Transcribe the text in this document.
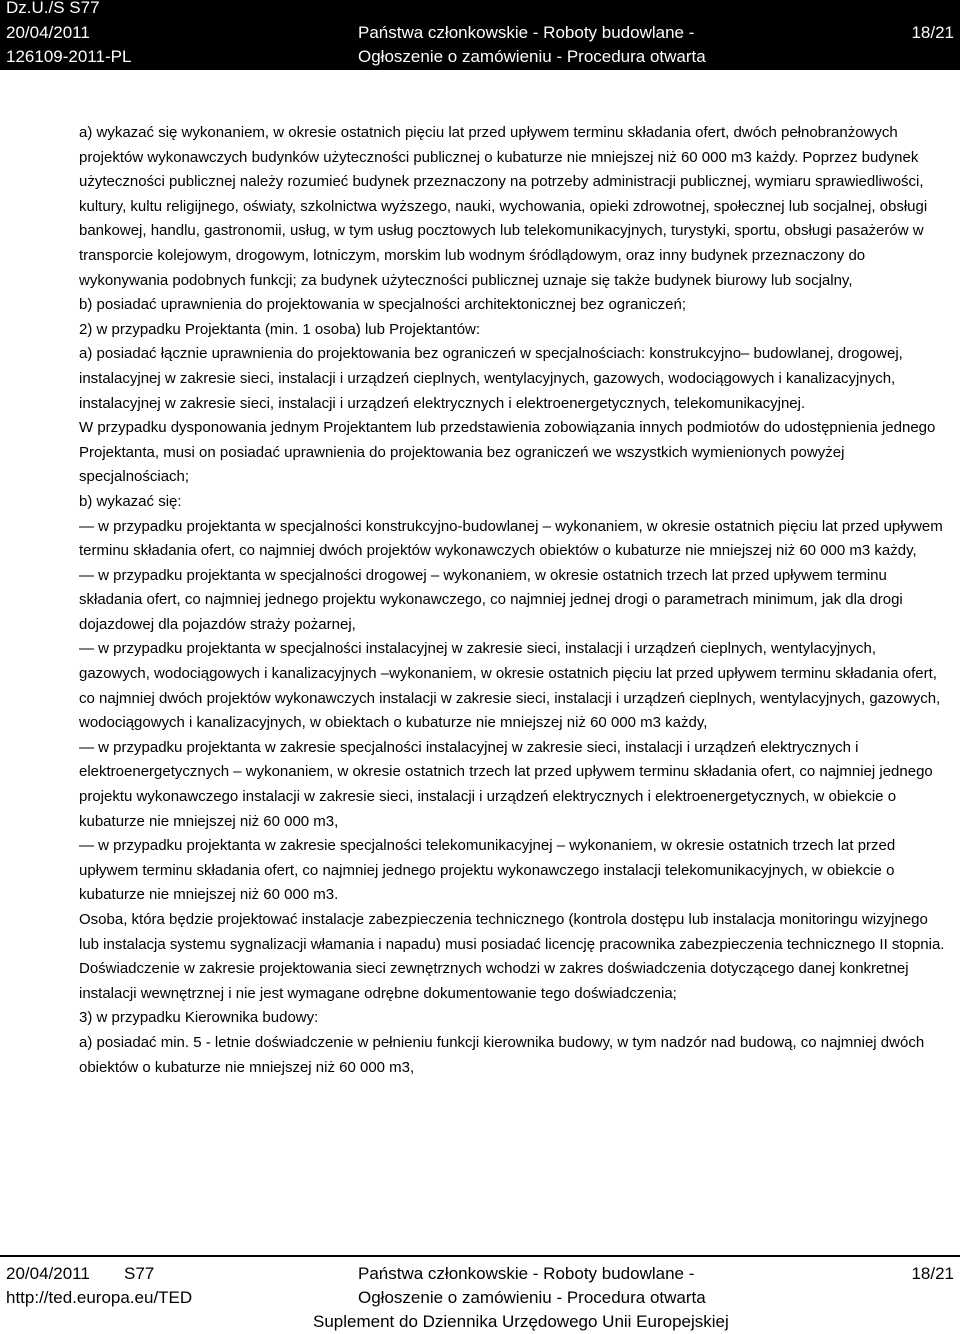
Dz.U./S S77
20/04/2011
126109-2011-PL
Państwa członkowskie - Roboty budowlane -
Ogłoszenie o zamówieniu - Procedura otwarta
18/21

a) wykazać się wykonaniem, w okresie ostatnich pięciu lat przed upływem terminu składania ofert, dwóch pełnobranżowych projektów wykonawczych budynków użyteczności publicznej o kubaturze nie mniejszej niż 60 000 m3 każdy. Poprzez budynek użyteczności publicznej należy rozumieć budynek przeznaczony na potrzeby administracji publicznej, wymiaru sprawiedliwości, kultury, kultu religijnego, oświaty, szkolnictwa wyższego, nauki, wychowania, opieki zdrowotnej, społecznej lub socjalnej, obsługi bankowej, handlu, gastronomii, usług, w tym usług pocztowych lub telekomunikacyjnych, turystyki, sportu, obsługi pasażerów w transporcie kolejowym, drogowym, lotniczym, morskim lub wodnym śródlądowym, oraz inny budynek przeznaczony do wykonywania podobnych funkcji; za budynek użyteczności publicznej uznaje się także budynek biurowy lub socjalny,

b) posiadać uprawnienia do projektowania w specjalności architektonicznej bez ograniczeń;

2) w przypadku Projektanta (min. 1 osoba) lub Projektantów:

a) posiadać łącznie uprawnienia do projektowania bez ograniczeń w specjalnościach: konstrukcyjno– budowlanej, drogowej, instalacyjnej w zakresie sieci, instalacji i urządzeń cieplnych, wentylacyjnych, gazowych, wodociągowych i kanalizacyjnych, instalacyjnej w zakresie sieci, instalacji i urządzeń elektrycznych i elektroenergetycznych, telekomunikacyjnej.

W przypadku dysponowania jednym Projektantem lub przedstawienia zobowiązania innych podmiotów do udostępnienia jednego Projektanta, musi on posiadać uprawnienia do projektowania bez ograniczeń we wszystkich wymienionych powyżej specjalnościach;

b) wykazać się:

— w przypadku projektanta w specjalności konstrukcyjno-budowlanej – wykonaniem, w okresie ostatnich pięciu lat przed upływem terminu składania ofert, co najmniej dwóch projektów wykonawczych obiektów o kubaturze nie mniejszej niż 60 000 m3 każdy,

— w przypadku projektanta w specjalności drogowej – wykonaniem, w okresie ostatnich trzech lat przed upływem terminu składania ofert, co najmniej jednego projektu wykonawczego, co najmniej jednej drogi o parametrach minimum, jak dla drogi dojazdowej dla pojazdów straży pożarnej,

— w przypadku projektanta w specjalności instalacyjnej w zakresie sieci, instalacji i urządzeń cieplnych, wentylacyjnych, gazowych, wodociągowych i kanalizacyjnych –wykonaniem, w okresie ostatnich pięciu lat przed upływem terminu składania ofert, co najmniej dwóch projektów wykonawczych instalacji w zakresie sieci, instalacji i urządzeń cieplnych, wentylacyjnych, gazowych, wodociągowych i kanalizacyjnych, w obiektach o kubaturze nie mniejszej niż 60 000 m3 każdy,

— w przypadku projektanta w zakresie specjalności instalacyjnej w zakresie sieci, instalacji i urządzeń elektrycznych i elektroenergetycznych – wykonaniem, w okresie ostatnich trzech lat przed upływem terminu składania ofert, co najmniej jednego projektu wykonawczego instalacji w zakresie sieci, instalacji i urządzeń elektrycznych i elektroenergetycznych, w obiekcie o kubaturze nie mniejszej niż 60 000 m3,

— w przypadku projektanta w zakresie specjalności telekomunikacyjnej – wykonaniem, w okresie ostatnich trzech lat przed upływem terminu składania ofert, co najmniej jednego projektu wykonawczego instalacji telekomunikacyjnych, w obiekcie o kubaturze nie mniejszej niż 60 000 m3.

Osoba, która będzie projektować instalacje zabezpieczenia technicznego (kontrola dostępu lub instalacja monitoringu wizyjnego lub instalacja systemu sygnalizacji włamania i napadu) musi posiadać licencję pracownika zabezpieczenia technicznego II stopnia.

Doświadczenie w zakresie projektowania sieci zewnętrznych wchodzi w zakres doświadczenia dotyczącego danej konkretnej instalacji wewnętrznej i nie jest wymagane odrębne dokumentowanie tego doświadczenia;

3) w przypadku Kierownika budowy:

a) posiadać min. 5 - letnie doświadczenie w pełnieniu funkcji kierownika budowy, w tym nadzór nad budową, co najmniej dwóch obiektów o kubaturze nie mniejszej niż 60 000 m3,

20/04/2011 S77
http://ted.europa.eu/TED
Państwa członkowskie - Roboty budowlane -
Ogłoszenie o zamówieniu - Procedura otwarta
Suplement do Dziennika Urzędowego Unii Europejskiej
18/21
